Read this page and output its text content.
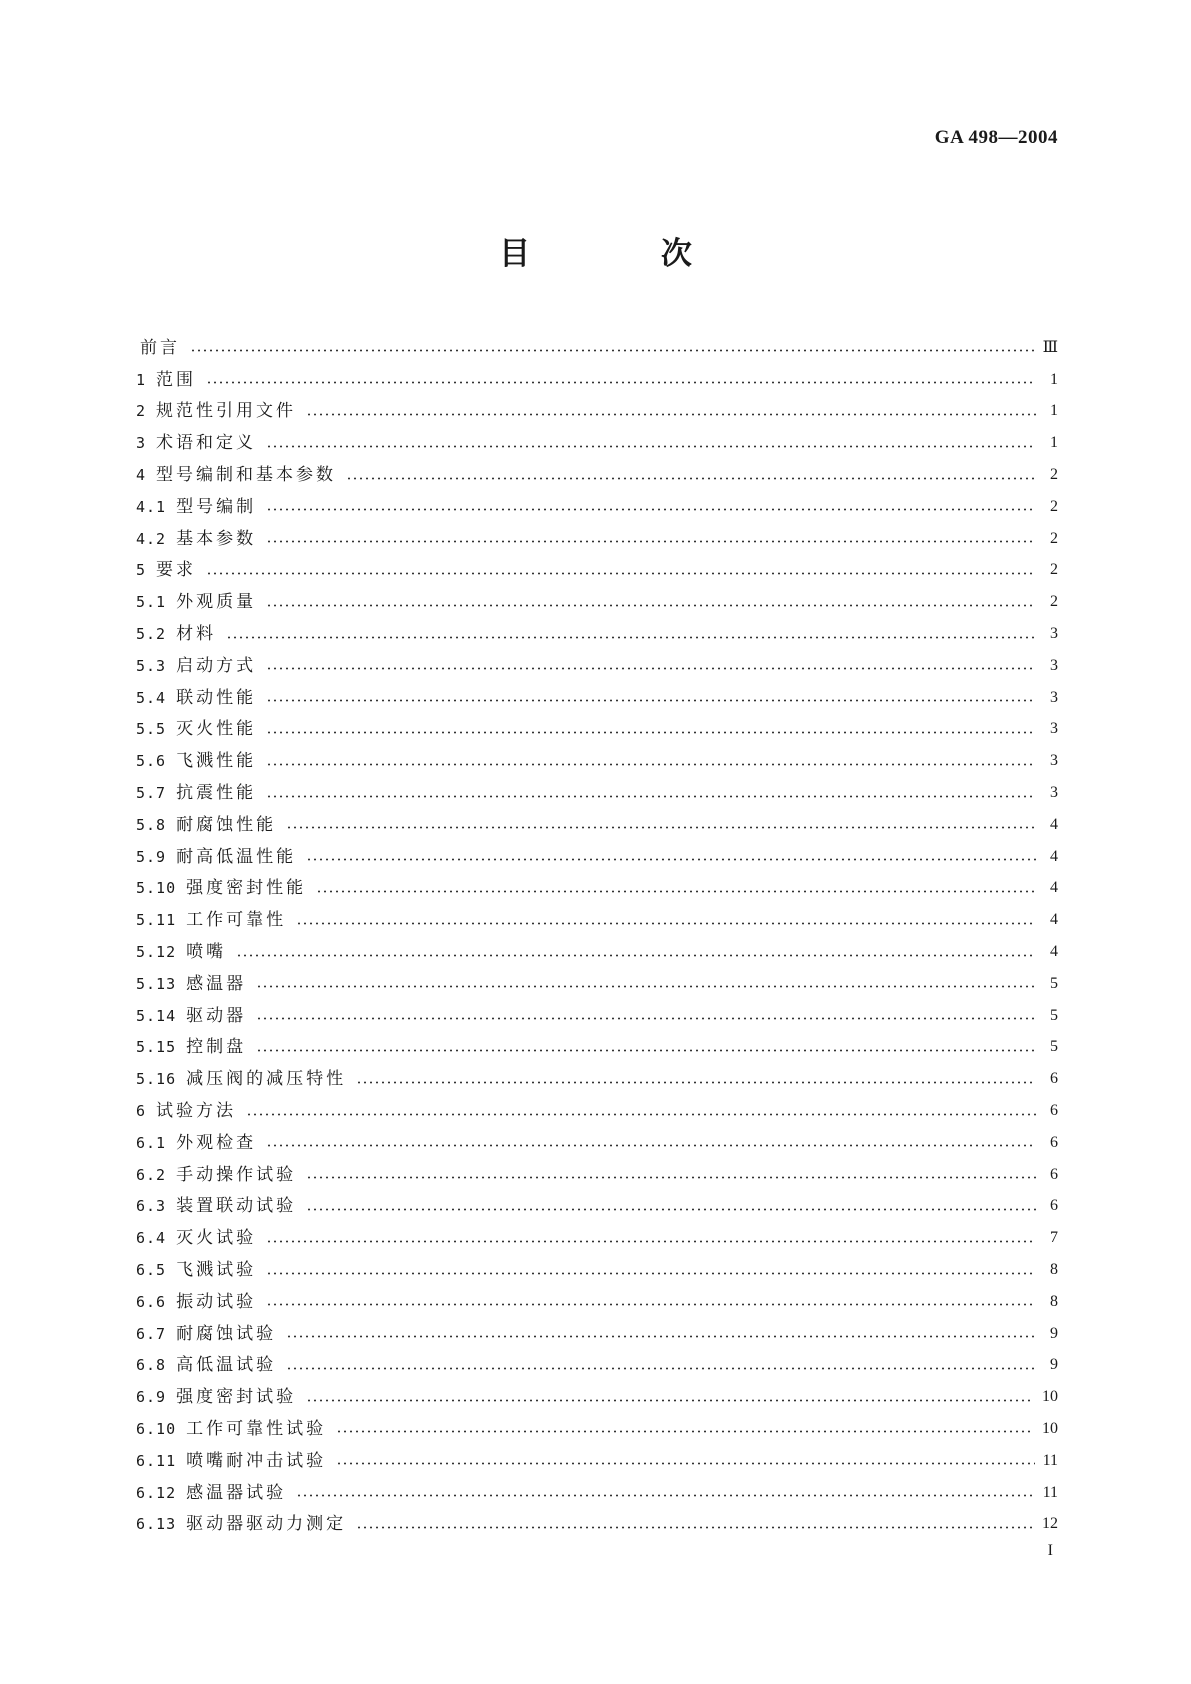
GA 498—2004
目 次
前言	Ⅲ
1 范围	1
2 规范性引用文件	1
3 术语和定义	1
4 型号编制和基本参数	2
4.1 型号编制	2
4.2 基本参数	2
5 要求	2
5.1 外观质量	2
5.2 材料	3
5.3 启动方式	3
5.4 联动性能	3
5.5 灭火性能	3
5.6 飞溅性能	3
5.7 抗震性能	3
5.8 耐腐蚀性能	4
5.9 耐高低温性能	4
5.10 强度密封性能	4
5.11 工作可靠性	4
5.12 喷嘴	4
5.13 感温器	5
5.14 驱动器	5
5.15 控制盘	5
5.16 减压阀的减压特性	6
6 试验方法	6
6.1 外观检查	6
6.2 手动操作试验	6
6.3 装置联动试验	6
6.4 灭火试验	7
6.5 飞溅试验	8
6.6 振动试验	8
6.7 耐腐蚀试验	9
6.8 高低温试验	9
6.9 强度密封试验	10
6.10 工作可靠性试验	10
6.11 喷嘴耐冲击试验	11
6.12 感温器试验	11
6.13 驱动器驱动力测定	12
I
